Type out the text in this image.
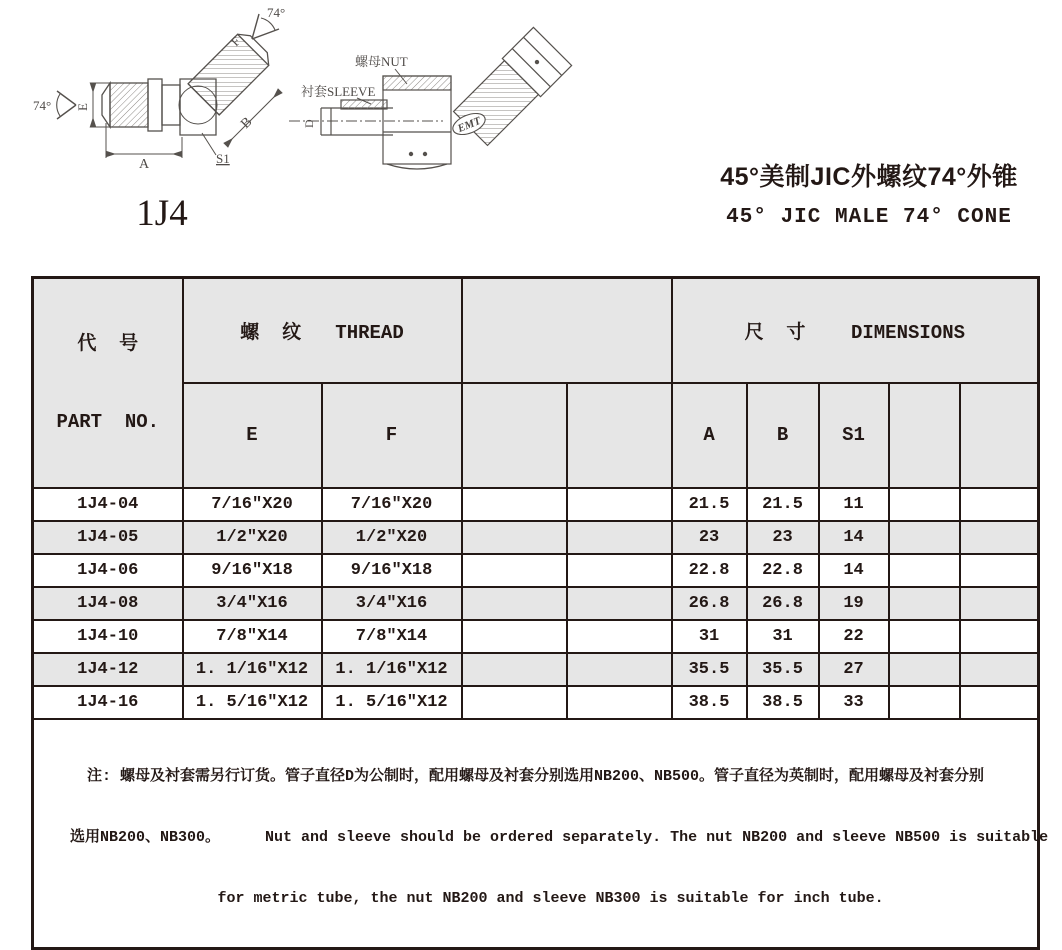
E
74°
A	S1
B
F
74°
1J4
D
螺母NUT
衬套SLEEVE
EMT
45°美制JIC外螺纹74°外锥
45° JIC MALE 74° CONE

代  号

PART  NO.	螺  纹   THREAD				尺  寸    DIMENSIONS				
	E	F			A	B	S1		
1J4-04	7/16″X20	7/16″X20			21.5	21.5	11		
1J4-05	1/2″X20	1/2″X20			23	23	14		
1J4-06	9/16″X18	9/16″X18			22.8	22.8	14		
1J4-08	3/4″X16	3/4″X16			26.8	26.8	19		
1J4-10	7/8″X14	7/8″X14			31	31	22		
1J4-12	1. 1/16″X12	1. 1/16″X12			35.5	35.5	27		
1J4-16	1. 5/16″X12	1. 5/16″X12			38.5	38.5	33		

注: 螺母及衬套需另行订货。管子直径D为公制时，配用螺母及衬套分别选用NB200、NB500。管子直径为英制时，配用螺母及衬套分别

选用NB200、NB300。     Nut and sleeve should be ordered separately. The nut NB200 and sleeve NB500 is suitable

for metric tube, the nut NB200 and sleeve NB300 is suitable for inch tube.									
